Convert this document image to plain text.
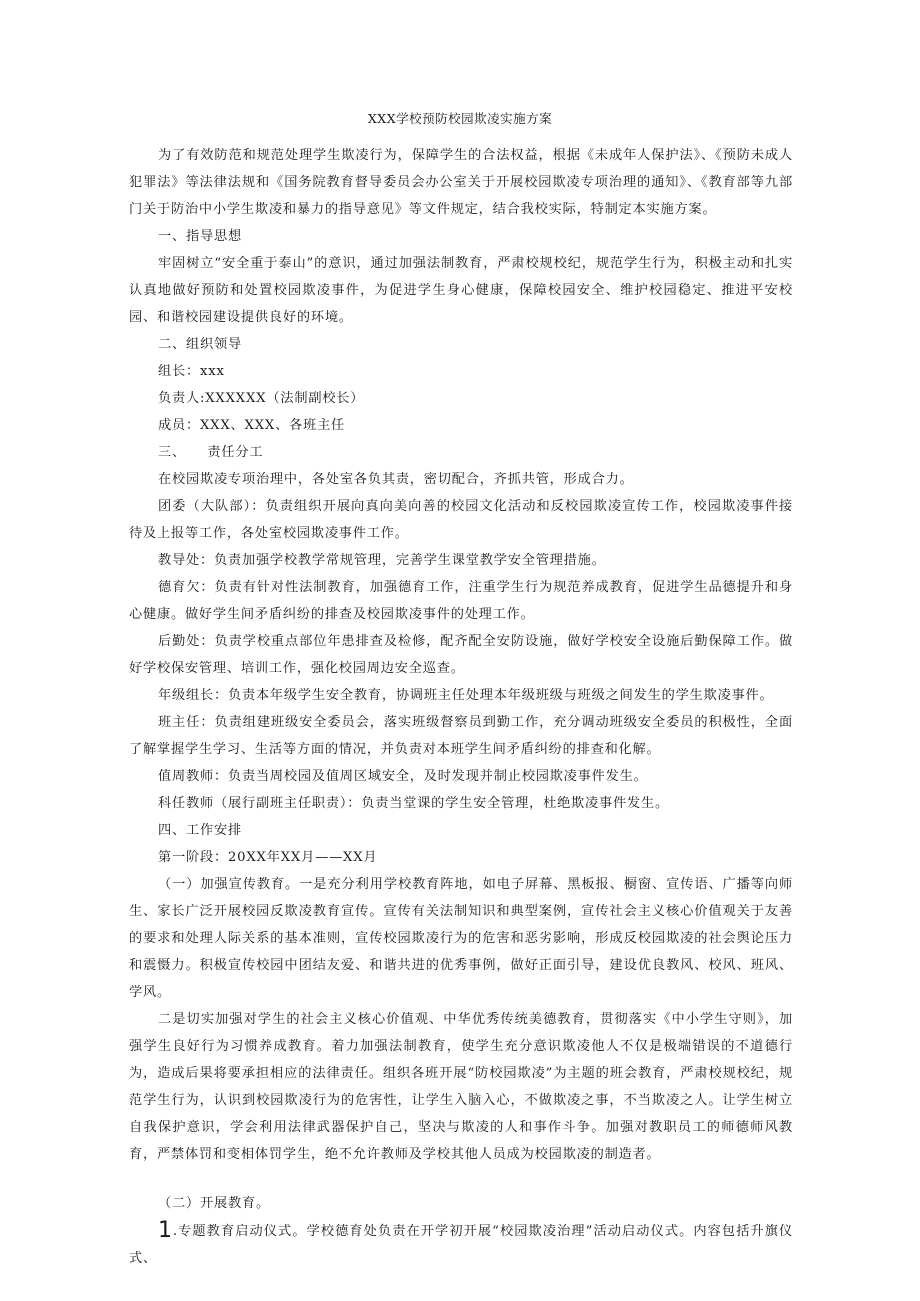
XXX学校预防校园欺凌实施方案

为了有效防范和规范处理学生欺凌行为，保障学生的合法权益，根据《未成年人保护法》、《预防未成人犯罪法》等法律法规和《国务院教育督导委员会办公室关于开展校园欺凌专项治理的通知》、《教育部等九部门关于防治中小学生欺凌和暴力的指导意见》等文件规定，结合我校实际，特制定本实施方案。

一、指导思想

牢固树立“安全重于泰山”的意识，通过加强法制教育，严肃校规校纪，规范学生行为，积极主动和扎实认真地做好预防和处置校园欺凌事件，为促进学生身心健康，保障校园安全、维护校园稳定、推进平安校园、和谐校园建设提供良好的环境。

二、组织领导

组长：xxx

负责人:XXXXXX（法制副校长）

成员：XXX、XXX、各班主任

三、　　责任分工

在校园欺凌专项治理中，各处室各负其责，密切配合，齐抓共管，形成合力。

团委（大队部）：负责组织开展向真向美向善的校园文化活动和反校园欺凌宣传工作，校园欺凌事件接待及上报等工作，各处室校园欺凌事件工作。

教导处：负责加强学校教学常规管理，完善学生课堂教学安全管理措施。

德育欠：负责有针对性法制教育，加强德育工作，注重学生行为规范养成教育，促进学生品德提升和身心健康。做好学生间矛盾纠纷的排查及校园欺凌事件的处理工作。

后勤处：负责学校重点部位年患排查及检修，配齐配全安防设施，做好学校安全设施后勤保障工作。做好学校保安管理、培训工作，强化校园周边安全巡查。

年级组长：负责本年级学生安全教育，协调班主任处理本年级班级与班级之间发生的学生欺凌事件。

班主任：负责组建班级安全委员会，落实班级督察员到勤工作，充分调动班级安全委员的积极性，全面了解掌握学生学习、生活等方面的情况，并负责对本班学生间矛盾纠纷的排查和化解。

值周教师：负责当周校园及值周区域安全，及时发现并制止校园欺凌事件发生。

科任教师（展行副班主任职责）：负责当堂课的学生安全管理，杜绝欺凌事件发生。

四、工作安排

第一阶段：20XX年XX月——XX月

（一）加强宣传教育。一是充分利用学校教育阵地，如电子屏幕、黑板报、橱窗、宣传语、广播等向师生、家长广泛开展校园反欺凌教育宣传。宣传有关法制知识和典型案例，宣传社会主义核心价值观关于友善的要求和处理人际关系的基本准则，宣传校园欺凌行为的危害和恶劣影响，形成反校园欺凌的社会舆论压力和震慑力。积极宣传校园中团结友爱、和谐共进的优秀事例，做好正面引导，建设优良教风、校风、班风、学风。

二是切实加强对学生的社会主义核心价值观、中华优秀传统美德教育，贯彻落实《中小学生守则》，加强学生良好行为习惯养成教育。着力加强法制教育，使学生充分意识欺凌他人不仅是极端错误的不道德行为，造成后果将要承担相应的法律责任。组织各班开展“防校园欺凌”为主题的班会教育，严肃校规校纪，规范学生行为，认识到校园欺凌行为的危害性，让学生入脑入心，不做欺凌之事，不当欺凌之人。让学生树立自我保护意识，学会利用法律武器保护自己，坚决与欺凌的人和事作斗争。加强对教职员工的师德师风教育，严禁体罚和变相体罚学生，绝不允许教师及学校其他人员成为校园欺凌的制造者。

（二）开展教育。

1.专题教育启动仪式。学校德育处负责在开学初开展“校园欺凌治理”活动启动仪式。内容包括升旗仪式、
